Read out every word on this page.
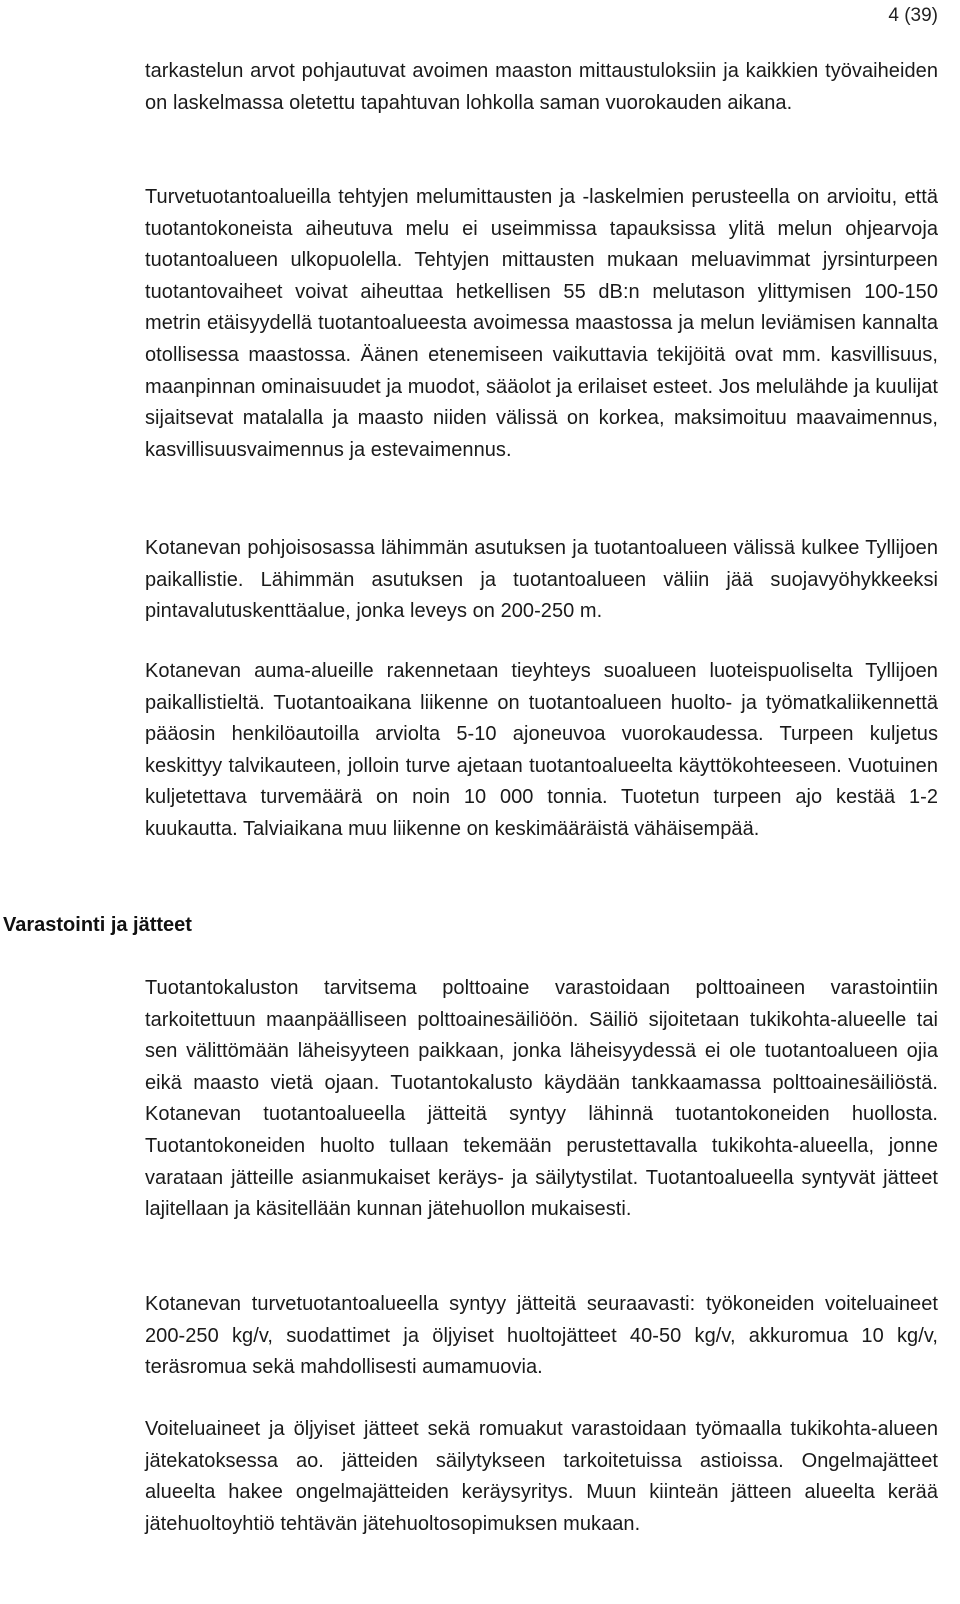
4 (39)

tarkastelun arvot pohjautuvat avoimen maaston mittaustuloksiin ja kaikkien työvaiheiden on laskelmassa oletettu tapahtuvan lohkolla saman vuorokauden aikana.

Turvetuotantoalueilla tehtyjen melumittausten ja -laskelmien perusteella on arvioitu, että tuotantokoneista aiheutuva melu ei useimmissa tapauksissa ylitä melun ohjearvoja tuotantoalueen ulkopuolella. Tehtyjen mittausten mukaan meluavimmat jyrsinturpeen tuotantovaiheet voivat aiheuttaa hetkellisen 55 dB:n melutason ylittymisen 100-150 metrin etäisyydellä tuotantoalueesta avoimessa maastossa ja melun leviämisen kannalta otollisessa maastossa. Äänen etenemiseen vaikuttavia tekijöitä ovat mm. kasvillisuus, maanpinnan ominaisuudet ja muodot, sääolot ja erilaiset esteet. Jos melulähde ja kuulijat sijaitsevat matalalla ja maasto niiden välissä on korkea, maksimoituu maavaimennus, kasvillisuusvaimennus ja estevaimennus.

Kotanevan pohjoisosassa lähimmän asutuksen ja tuotantoalueen välissä kulkee Tyllijoen paikallistie. Lähimmän asutuksen ja tuotantoalueen väliin jää suojavyöhykkeeksi pintavalutuskenttäalue, jonka leveys on 200-250 m.

Kotanevan auma-alueille rakennetaan tieyhteys suoalueen luoteispuoliselta Tyllijoen paikallistieltä. Tuotantoaikana liikenne on tuotantoalueen huolto- ja työmatkaliikennettä pääosin henkilöautoilla arviolta 5-10 ajoneuvoa vuorokaudessa. Turpeen kuljetus keskittyy talvikauteen, jolloin turve ajetaan tuotantoalueelta käyttökohteeseen. Vuotuinen kuljetettava turvemäärä on noin 10 000 tonnia. Tuotetun turpeen ajo kestää 1-2 kuukautta. Talviaikana muu liikenne on keskimääräistä vähäisempää.

Tuotantokaluston tarvitsema polttoaine varastoidaan polttoaineen varastointiin tarkoitettuun maanpäälliseen polttoainesäiliöön. Säiliö sijoitetaan tukikohta-alueelle tai sen välittömään läheisyyteen paikkaan, jonka läheisyydessä ei ole tuotantoalueen ojia eikä maasto vietä ojaan. Tuotantokalusto käydään tankkaamassa polttoainesäiliöstä. Kotanevan tuotantoalueella jätteitä syntyy lähinnä tuotantokoneiden huollosta. Tuotantokoneiden huolto tullaan tekemään perustettavalla tukikohta-alueella, jonne varataan jätteille asianmukaiset keräys- ja säilytystilat. Tuotantoalueella syntyvät jätteet lajitellaan ja käsitellään kunnan jätehuollon mukaisesti.

Kotanevan turvetuotantoalueella syntyy jätteitä seuraavasti: työkoneiden voiteluaineet 200-250 kg/v, suodattimet ja öljyiset huoltojätteet 40-50 kg/v, akkuromua 10 kg/v, teräsromua sekä mahdollisesti aumamuovia.

Voiteluaineet ja öljyiset jätteet sekä romuakut varastoidaan työmaalla tukikohta-alueen jätekatoksessa ao. jätteiden säilytykseen tarkoitetuissa astioissa. Ongelmajätteet alueelta hakee ongelmajätteiden keräysyritys. Muun kiinteän jätteen alueelta kerää jätehuoltoyhtiö tehtävän jätehuoltosopimuksen mukaan.

Varastointi ja jätteet
